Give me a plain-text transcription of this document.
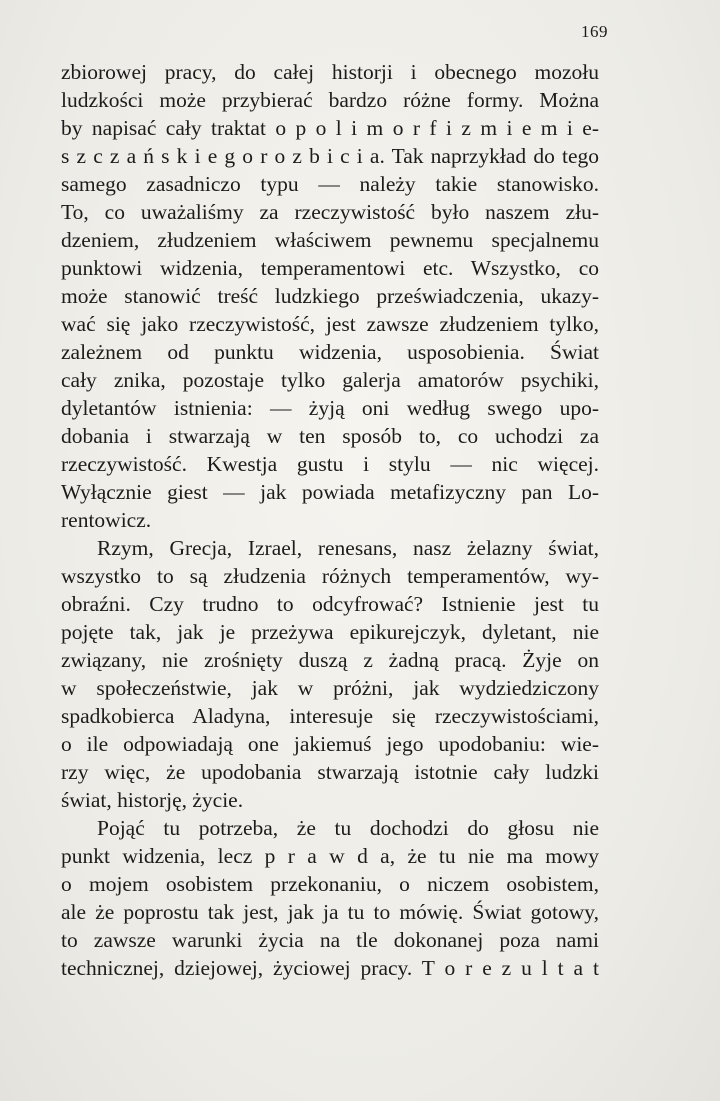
169
zbiorowej pracy, do całej historji i obecnego mozołu
ludzkości może przybierać bardzo różne formy. Można
by napisać cały traktat o p o l i m o r f i z m i e m i e-
s z c z a ń s k i e g o r o z b i c i a. Tak naprzykład do tego
samego zasadniczo typu — należy takie stanowisko.
To, co uważaliśmy za rzeczywistość było naszem złu-
dzeniem, złudzeniem właściwem pewnemu specjalnemu
punktowi widzenia, temperamentowi etc. Wszystko, co
może stanowić treść ludzkiego przeświadczenia, ukazy-
wać się jako rzeczywistość, jest zawsze złudzeniem tylko,
zależnem od punktu widzenia, usposobienia. Świat
cały znika, pozostaje tylko galerja amatorów psychiki,
dyletantów istnienia: — żyją oni według swego upo-
dobania i stwarzają w ten sposób to, co uchodzi za
rzeczywistość. Kwestja gustu i stylu — nic więcej.
Wyłącznie giest — jak powiada metafizyczny pan Lo-
rentowicz.
Rzym, Grecja, Izrael, renesans, nasz żelazny świat,
wszystko to są złudzenia różnych temperamentów, wy-
obraźni. Czy trudno to odcyfrować? Istnienie jest tu
pojęte tak, jak je przeżywa epikurejczyk, dyletant, nie
związany, nie zrośnięty duszą z żadną pracą. Żyje on
w społeczeństwie, jak w próżni, jak wydziedziczony
spadkobierca Aladyna, interesuje się rzeczywistościami,
o ile odpowiadają one jakiemuś jego upodobaniu: wie-
rzy więc, że upodobania stwarzają istotnie cały ludzki
świat, historję, życie.
Pojąć tu potrzeba, że tu dochodzi do głosu nie
punkt widzenia, lecz p r a w d a, że tu nie ma mowy
o mojem osobistem przekonaniu, o niczem osobistem,
ale że poprostu tak jest, jak ja tu to mówię. Świat gotowy,
to zawsze warunki życia na tle dokonanej poza nami
technicznej, dziejowej, życiowej pracy. T o r e z u l t a t
